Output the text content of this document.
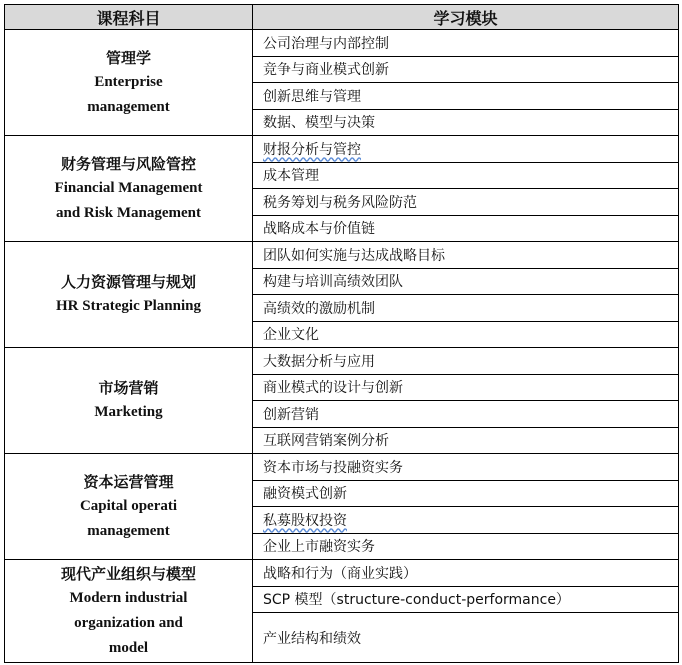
课程科目	学习模块

管理学
Enterprise
management	公司治理与内部控制
	竞争与商业模式创新
	创新思维与管理
	数据、模型与决策

财务管理与风险管控
Financial Management
and Risk Management	财报分析与管控
	成本管理
	税务筹划与税务风险防范
	战略成本与价值链

人力资源管理与规划
HR Strategic Planning	团队如何实施与达成战略目标
	构建与培训高绩效团队
	高绩效的激励机制
	企业文化

市场营销
Marketing	大数据分析与应用
	商业模式的设计与创新
	创新营销
	互联网营销案例分析

资本运营管理
Capital operati
management	资本市场与投融资实务
	融资模式创新
	私募股权投资
	企业上市融资实务

现代产业组织与模型
Modern industrial
organization and
model	战略和行为（商业实践）
	SCP 模型（structure-conduct-performance）
	产业结构和绩效
